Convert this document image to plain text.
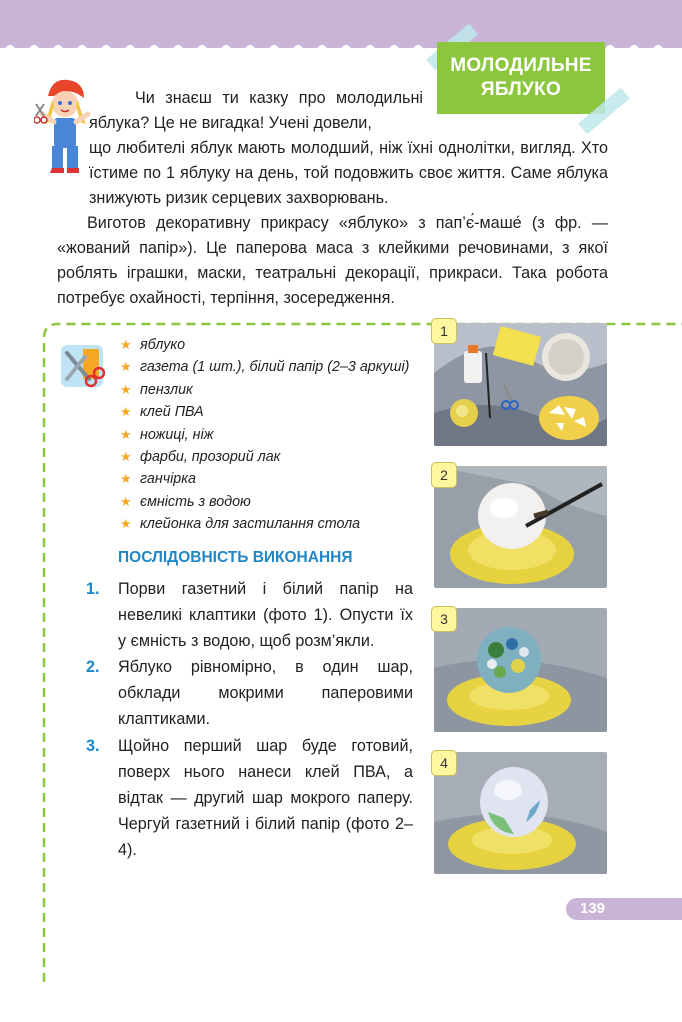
МОЛОДИЛЬНЕ
ЯБЛУКО
Чи знаєш ти казку про молодильні яблука? Це не вигадка! Учені довели,
що любителі яблук мають молодший, ніж їхні однолітки, вигляд. Хто їстиме по 1 яблуку на день, той подовжить своє життя. Саме яблука знижують ризик серцевих захворювань.
Виготов декоративну прикрасу «яблуко» з пап’є́-маше́ (з фр. — «жований папір»). Це паперова маса з клейкими речовинами, з якої роблять іграшки, маски, театральні декорації, прикраси. Така робота потребує охайності, терпіння, зосередження.
★ яблуко
★ газета (1 шт.), білий папір (2–3 аркуші)
★ пензлик
★ клей ПВА
★ ножиці, ніж
★ фарби, прозорий лак
★ ганчірка
★ ємність з водою
★ клейонка для застилання стола
ПОСЛІДОВНІСТЬ ВИКОНАННЯ
1. Порви газетний і білий папір на невеликі клаптики (фото 1). Опусти їх у ємність з водою, щоб розм’якли.
2. Яблуко рівномірно, в один шар, обклади мокрими паперовими клаптиками.
3. Щойно перший шар буде готовий, поверх нього нанеси клей ПВА, а відтак — другий шар мокрого паперу. Чергуй газетний і білий папір (фото 2–4).
1
2
3
4
139
